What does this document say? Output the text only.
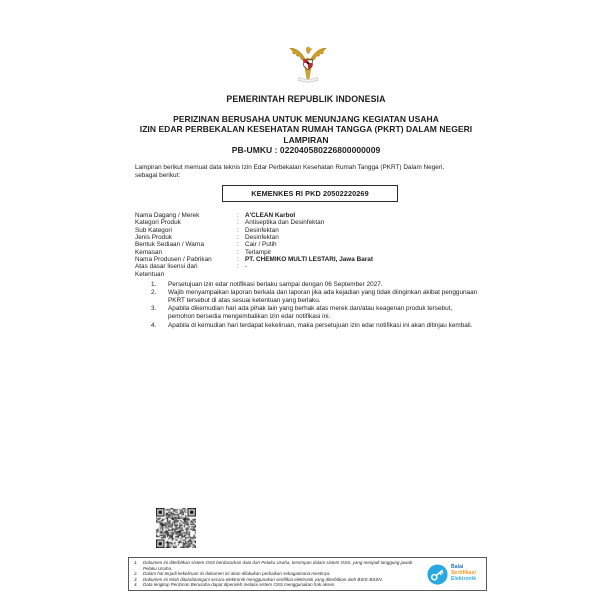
PEMERINTAH REPUBLIK INDONESIA
PERIZINAN BERUSAHA UNTUK MENUNJANG KEGIATAN USAHA
IZIN EDAR PERBEKALAN KESEHATAN RUMAH TANGGA (PKRT) DALAM NEGERI
LAMPIRAN
PB-UMKU : 022040580226800000009
Lampiran berikut memuat data teknis Izin Edar Perbekalan Kesehatan Rumah Tangga (PKRT) Dalam Negeri, sebagai berikut:
KEMENKES RI PKD 20502220269
Nama Dagang / Merek	: A'CLEAN Karbol
Kategori Produk	: Antiseptika dan Desinfektan
Sub Kategori	: Desinfektan
Jenis Produk	: Desinfektan
Bentuk Sediaan / Warna	: Cair / Putih
Kemasan	: Terlampir
Nama Produsen / Pabrikan	: PT. CHEMIKO MULTI LESTARI, Jawa Barat
Atas dasar lisensi dari	: -
Ketentuan
1.	Persetujuan izin edar notifikasi berlaku sampai dengan 06 September 2027.
2.	Wajib menyampaikan laporan berkala dan laporan jika ada kejadian yang tidak diinginkan akibat penggunaan PKRT tersebut di atas sesuai ketentuan yang berlaku.
3.	Apabila dikemudian hari ada pihak lain yang berhak atas merek dan/atau keagenan produk tersebut, pemohon bersedia mengembalikan izin edar notifikasi ini.
4.	Apabila di kemudian hari terdapat kekeliruan, maka persetujuan izin edar notifikasi ini akan ditinjau kembali.
1.	Dokumen ini diterbitkan sistem OSS berdasarkan data dari Pelaku Usaha, tersimpan dalam sistem OSS, yang menjadi tanggung jawab Pelaku Usaha.
2.	Dalam hal terjadi kekeliruan isi dokumen ini akan dilakukan perbaikan sebagaimana mestinya.
3.	Dokumen ini telah ditandatangani secara elektronik menggunakan sertifikat elektronik yang diterbitkan oleh BSrE-BSSN.
4.	Data lengkap Perizinan Berusaha dapat diperoleh melalui sistem OSS menggunakan hak akses.
Balai
Sertifikasi
Elektronik
